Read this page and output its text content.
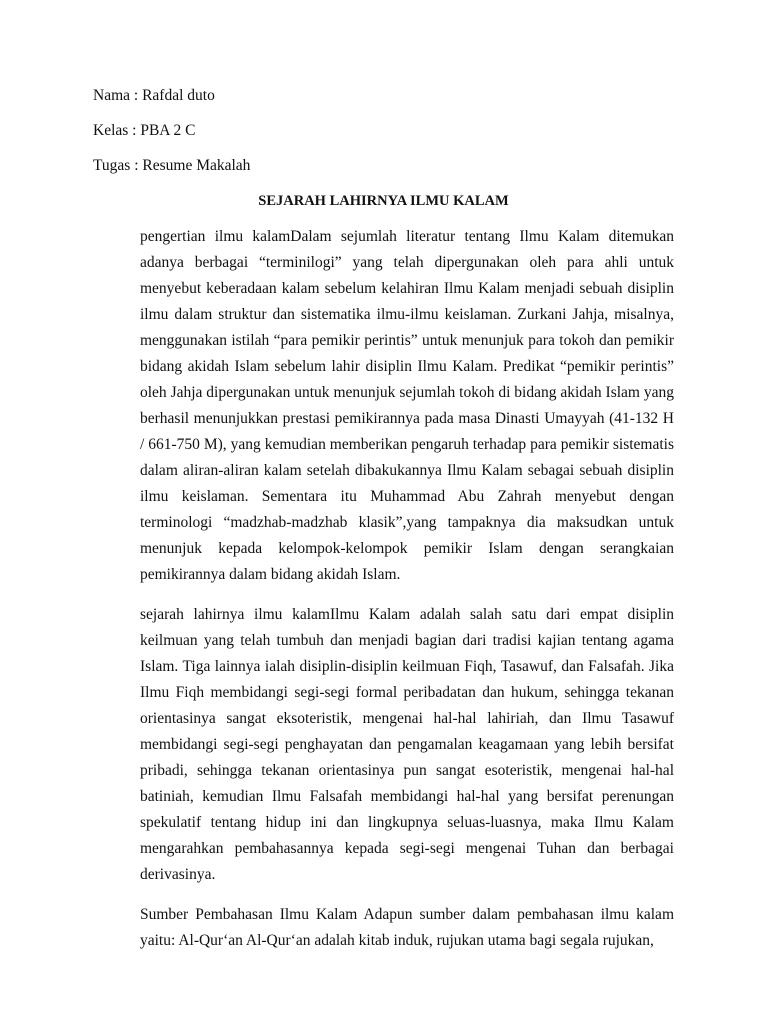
Nama : Rafdal duto
Kelas : PBA 2 C
Tugas : Resume Makalah
SEJARAH LAHIRNYA ILMU KALAM

pengertian ilmu kalamDalam sejumlah literatur tentang Ilmu Kalam ditemukan adanya berbagai “terminilogi” yang telah dipergunakan oleh para ahli untuk menyebut keberadaan kalam sebelum kelahiran Ilmu Kalam menjadi sebuah disiplin ilmu dalam struktur dan sistematika ilmu-ilmu keislaman. Zurkani Jahja, misalnya, menggunakan istilah “para pemikir perintis” untuk menunjuk para tokoh dan pemikir bidang akidah Islam sebelum lahir disiplin Ilmu Kalam. Predikat “pemikir perintis” oleh Jahja dipergunakan untuk menunjuk sejumlah tokoh di bidang akidah Islam yang berhasil menunjukkan prestasi pemikirannya pada masa Dinasti Umayyah (41-132 H / 661-750 M), yang kemudian memberikan pengaruh terhadap para pemikir sistematis dalam aliran-aliran kalam setelah dibakukannya Ilmu Kalam sebagai sebuah disiplin ilmu keislaman. Sementara itu Muhammad Abu Zahrah menyebut dengan terminologi “madzhab-madzhab klasik”,yang tampaknya dia maksudkan untuk menunjuk kepada kelompok-kelompok pemikir Islam dengan serangkaian pemikirannya dalam bidang akidah Islam.

sejarah lahirnya ilmu kalamIlmu Kalam adalah salah satu dari empat disiplin keilmuan yang telah tumbuh dan menjadi bagian dari tradisi kajian tentang agama Islam. Tiga lainnya ialah disiplin-disiplin keilmuan Fiqh, Tasawuf, dan Falsafah. Jika Ilmu Fiqh membidangi segi-segi formal peribadatan dan hukum, sehingga tekanan orientasinya sangat eksoteristik, mengenai hal-hal lahiriah, dan Ilmu Tasawuf membidangi segi-segi penghayatan dan pengamalan keagamaan yang lebih bersifat pribadi, sehingga tekanan orientasinya pun sangat esoteristik, mengenai hal-hal batiniah, kemudian Ilmu Falsafah membidangi hal-hal yang bersifat perenungan spekulatif tentang hidup ini dan lingkupnya seluas-luasnya, maka Ilmu Kalam mengarahkan pembahasannya kepada segi-segi mengenai Tuhan dan berbagai derivasinya.

Sumber Pembahasan Ilmu Kalam Adapun sumber dalam pembahasan ilmu kalam yaitu: Al-Qur‘an Al-Qur‘an adalah kitab induk, rujukan utama bagi segala rujukan,
